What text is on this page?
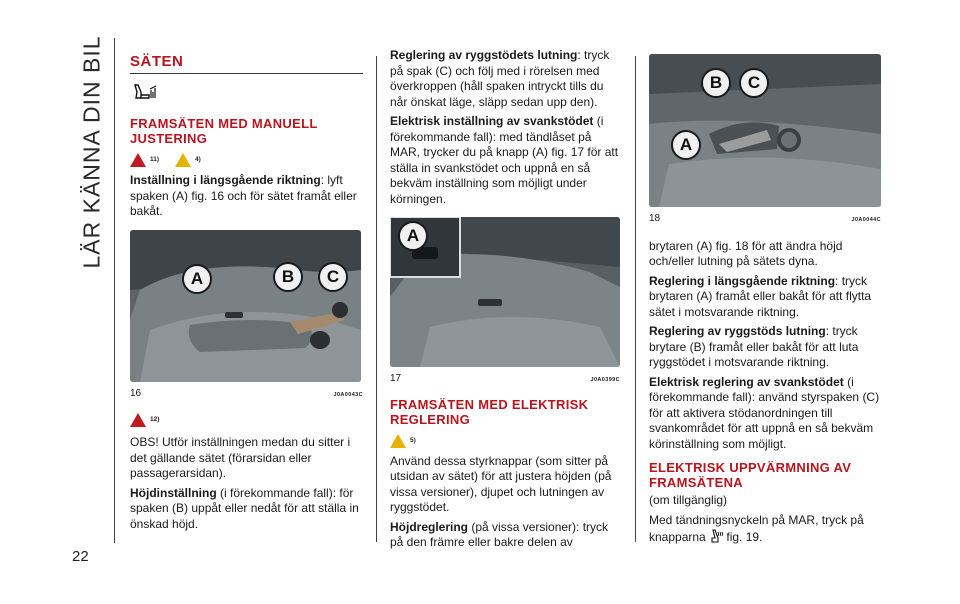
LÄR KÄNNA DIN BIL
22
SÄTEN
FRAMSÄTEN MED MANUELL JUSTERING
11)	4)

Inställning i längsgående riktning: lyft spaken (A) fig. 16 och för sätet framåt eller bakåt.

A	B	C
16	J0A0043C
12)

OBS! Utför inställningen medan du sitter i det gällande sätet (förarsidan eller passagerarsidan).

Höjdinställning (i förekommande fall): för spaken (B) uppåt eller nedåt för att ställa in önskad höjd.

Reglering av ryggstödets lutning: tryck på spak (C) och följ med i rörelsen med överkroppen (håll spaken intryckt tills du når önskat läge, släpp sedan upp den).

Elektrisk inställning av svankstödet (i förekommande fall): med tändlåset på MAR, trycker du på knapp (A) fig. 17 för att ställa in svankstödet och uppnå en så bekväm inställning som möjligt under körningen.

A
17	J0A0399C
FRAMSÄTEN MED ELEKTRISK REGLERING
5)

Använd dessa styrknappar (som sitter på utsidan av sätet) för att justera höjden (på vissa versioner), djupet och lutningen av ryggstödet.

Höjdreglering (på vissa versioner): tryck på den främre eller bakre delen av

B	C
A
18	J0A0044C

brytaren (A) fig. 18 för att ändra höjd och/eller lutning på sätets dyna.

Reglering i längsgående riktning: tryck brytaren (A) framåt eller bakåt för att flytta sätet i motsvarande riktning.

Reglering av ryggstöds lutning: tryck brytare (B) framåt eller bakåt för att luta ryggstödet i motsvarande riktning.

Elektrisk reglering av svankstödet (i förekommande fall): använd styrspaken (C) för att aktivera stödanordningen till svankområdet för att uppnå en så bekväm körinställning som möjligt.

ELEKTRISK UPPVÄRMNING AV FRAMSÄTENA

(om tillgänglig)

Med tändningsnyckeln på MAR, tryck på knapparna  fig. 19.
